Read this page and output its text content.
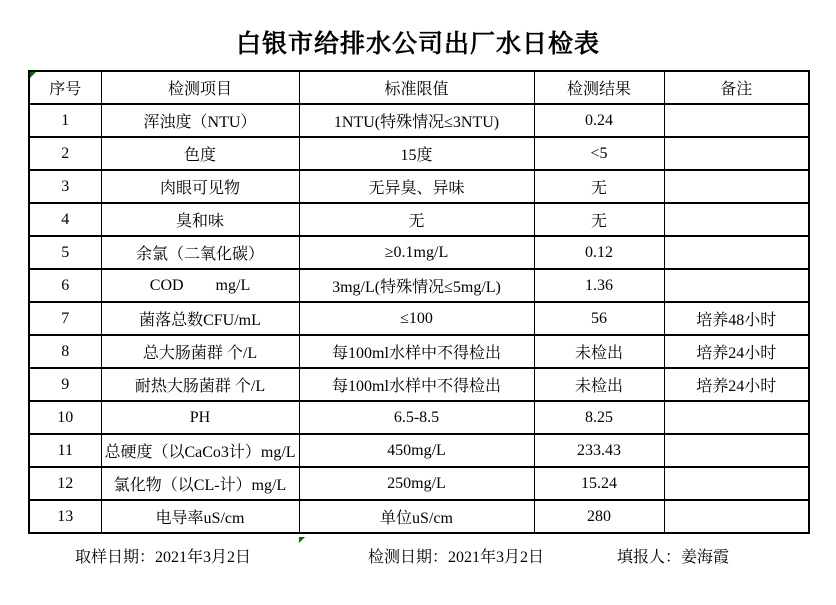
白银市给排水公司出厂水日检表
序号	检测项目	标准限值	检测结果	备注
1	浑浊度（NTU）	1NTU(特殊情况≤3NTU)	0.24	
2	色度	15度	<5	
3	肉眼可见物	无异臭、异味	无	
4	臭和味	无	无	
5	余氯（二氧化碳）	≥0.1mg/L	0.12	
6	COD        mg/L	3mg/L(特殊情况≤5mg/L)	1.36	
7	菌落总数CFU/mL	≤100	56	培养48小时
8	总大肠菌群 个/L	每100ml水样中不得检出	未检出	培养24小时
9	耐热大肠菌群 个/L	每100ml水样中不得检出	未检出	培养24小时
10	PH	6.5-8.5	8.25	
11	总硬度（以CaCo3计）mg/L	450mg/L	233.43	
12	氯化物（以CL-计）mg/L	250mg/L	15.24	
13	电导率uS/cm	单位uS/cm	280	
取样日期：2021年3月2日	检测日期：2021年3月2日	填报人：姜海霞
